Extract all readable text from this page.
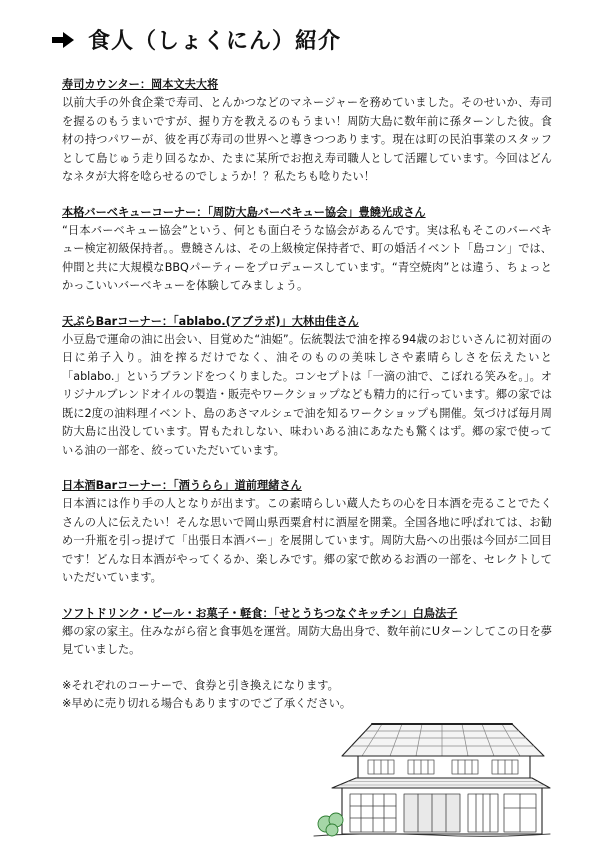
食人（しょくにん）紹介
寿司カウンター：岡本文夫大将
以前大手の外食企業で寿司、とんかつなどのマネージャーを務めていました。そのせいか、寿司を握るのもうまいですが、握り方を教えるのもうまい！周防大島に数年前に孫ターンした彼。食材の持つパワーが、彼を再び寿司の世界へと導きつつあります。現在は町の民泊事業のスタッフとして島じゅう走り回るなか、たまに某所でお抱え寿司職人として活躍しています。今回はどんなネタが大将を唸らせるのでしょうか！？私たちも唸りたい！
本格バーベキューコーナー：「周防大島バーベキュー協会」豊饒光成さん
“日本バーベキュー協会”という、何とも面白そうな協会があるんです。実は私もそこのバーベキュー検定初級保持者。。豊饒さんは、その上級検定保持者で、町の婚活イベント「島コン」では、仲間と共に大規模なBBQパーティーをプロデュースしています。“青空焼肉”とは違う、ちょっとかっこいいバーベキューを体験してみましょう。
天ぷらBarコーナー：「ablabo.(アブラボ)」大林由佳さん
小豆島で運命の油に出会い、目覚めた“油姫”。伝統製法で油を搾る94歳のおじいさんに初対面の日に弟子入り。油を搾るだけでなく、油そのものの美味しさや素晴らしさを伝えたいと「ablabo.」というブランドをつくりました。コンセプトは「一滴の油で、こぼれる笑みを。」。オリジナルブレンドオイルの製造・販売やワークショップなども精力的に行っています。郷の家では既に2度の油料理イベント、島のあさマルシェで油を知るワークショップも開催。気づけば毎月周防大島に出没しています。胃もたれしない、味わいある油にあなたも驚くはず。郷の家で使っている油の一部を、絞っていただいています。
日本酒Barコーナー：「酒うらら」道前理緒さん
日本酒には作り手の人となりが出ます。この素晴らしい蔵人たちの心を日本酒を売ることでたくさんの人に伝えたい！そんな思いで岡山県西粟倉村に酒屋を開業。全国各地に呼ばれては、お勧め一升瓶を引っ提げて「出張日本酒バー」を展開しています。周防大島への出張は今回が二回目です！どんな日本酒がやってくるか、楽しみです。郷の家で飲めるお酒の一部を、セレクトしていただいています。
ソフトドリンク・ビール・お菓子・軽食：「せとうちつなぐキッチン」白鳥法子
郷の家の家主。住みながら宿と食事処を運営。周防大島出身で、数年前にUターンしてこの日を夢見ていました。
※それぞれのコーナーで、食券と引き換えになります。
※早めに売り切れる場合もありますのでご了承ください。
